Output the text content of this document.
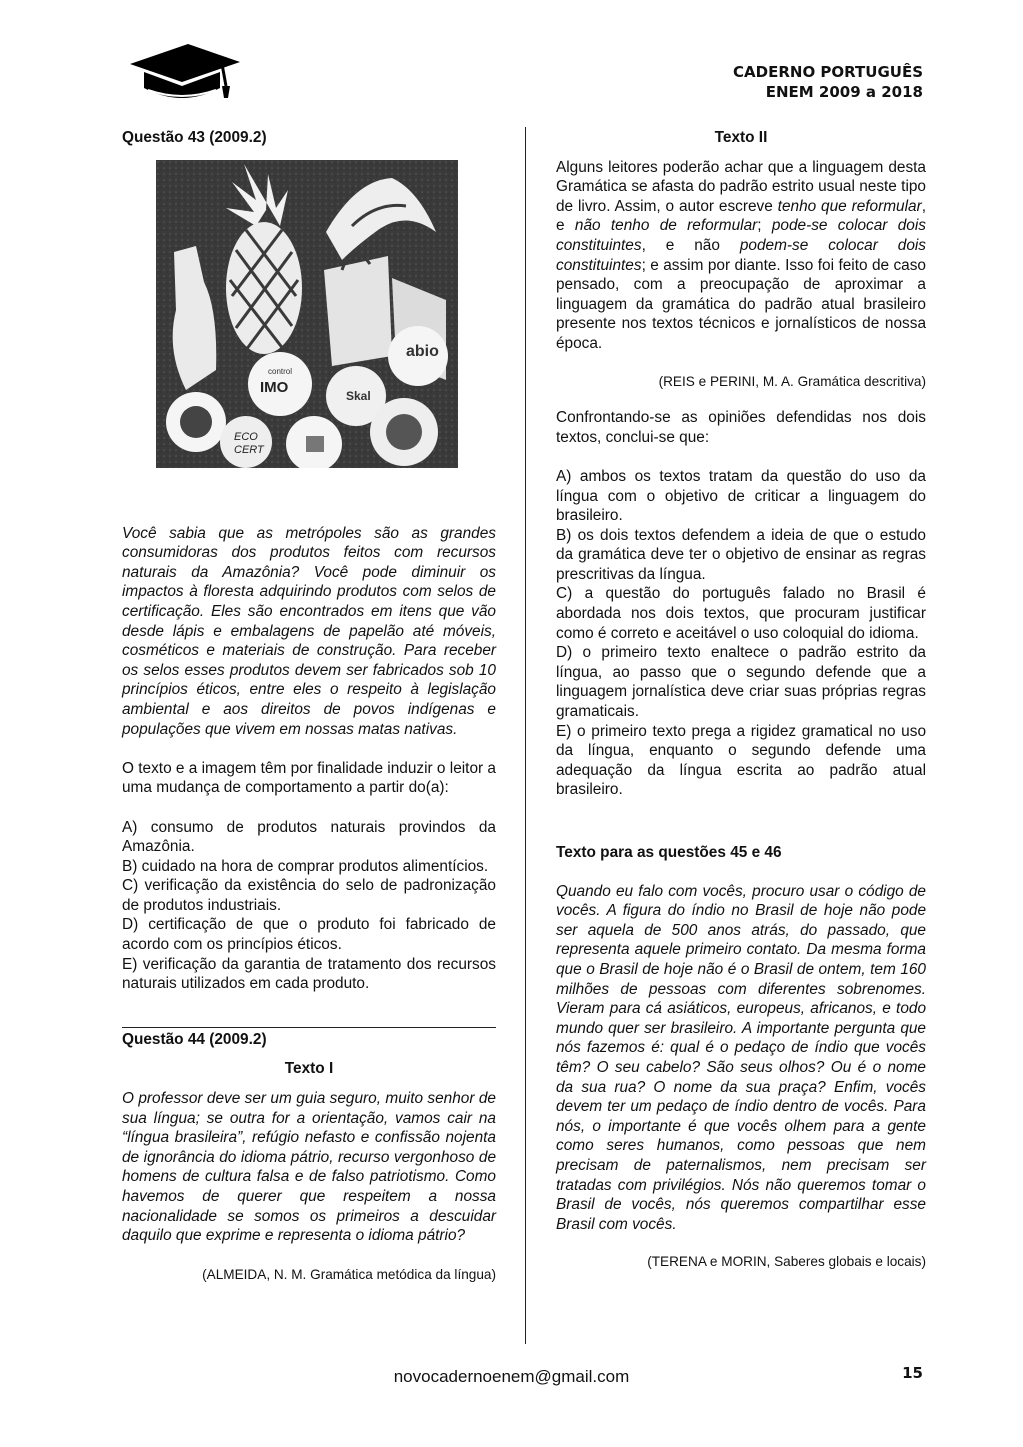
CADERNO PORTUGUÊS
ENEM 2009 a 2018
Questão 43 (2009.2)
abio
control
IMO	Skal
ECO
CERT

Você sabia que as metrópoles são as grandes consumidoras dos produtos feitos com recursos naturais da Amazônia? Você pode diminuir os impactos à floresta adquirindo produtos com selos de certificação. Eles são encontrados em itens que vão desde lápis e embalagens de papelão até móveis, cosméticos e materiais de construção. Para receber os selos esses produtos devem ser fabricados sob 10 princípios éticos, entre eles o respeito à legislação ambiental e aos direitos de povos indígenas e populações que vivem em nossas matas nativas.

O texto e a imagem têm por finalidade induzir o leitor a uma mudança de comportamento a partir do(a):

A) consumo de produtos naturais provindos da Amazônia.

B) cuidado na hora de comprar produtos alimentícios.

C) verificação da existência do selo de padronização de produtos industriais.

D) certificação de que o produto foi fabricado de acordo com os princípios éticos.

E) verificação da garantia de tratamento dos recursos naturais utilizados em cada produto.

Questão 44 (2009.2)
Texto I

O professor deve ser um guia seguro, muito senhor de sua língua; se outra for a orientação, vamos cair na “língua brasileira”, refúgio nefasto e confissão nojenta de ignorância do idioma pátrio, recurso vergonhoso de homens de cultura falsa e de falso patriotismo. Como havemos de querer que respeitem a nossa nacionalidade se somos os primeiros a descuidar daquilo que exprime e representa o idioma pátrio?

(ALMEIDA, N. M. Gramática metódica da língua)
Texto II

Alguns leitores poderão achar que a linguagem desta Gramática se afasta do padrão estrito usual neste tipo de livro. Assim, o autor escreve tenho que reformular, e não tenho de reformular; pode-se colocar dois constituintes, e não podem-se colocar dois constituintes; e assim por diante. Isso foi feito de caso pensado, com a preocupação de aproximar a linguagem da gramática do padrão atual brasileiro presente nos textos técnicos e jornalísticos de nossa época.

(REIS e PERINI, M. A. Gramática descritiva)

Confrontando-se as opiniões defendidas nos dois textos, conclui-se que:

A) ambos os textos tratam da questão do uso da língua com o objetivo de criticar a linguagem do brasileiro.

B) os dois textos defendem a ideia de que o estudo da gramática deve ter o objetivo de ensinar as regras prescritivas da língua.

C) a questão do português falado no Brasil é abordada nos dois textos, que procuram justificar como é correto e aceitável o uso coloquial do idioma.

D) o primeiro texto enaltece o padrão estrito da língua, ao passo que o segundo defende que a linguagem jornalística deve criar suas próprias regras gramaticais.

E) o primeiro texto prega a rigidez gramatical no uso da língua, enquanto o segundo defende uma adequação da língua escrita ao padrão atual brasileiro.

Texto para as questões 45 e 46

Quando eu falo com vocês, procuro usar o código de vocês. A figura do índio no Brasil de hoje não pode ser aquela de 500 anos atrás, do passado, que representa aquele primeiro contato. Da mesma forma que o Brasil de hoje não é o Brasil de ontem, tem 160 milhões de pessoas com diferentes sobrenomes. Vieram para cá asiáticos, europeus, africanos, e todo mundo quer ser brasileiro. A importante pergunta que nós fazemos é: qual é o pedaço de índio que vocês têm? O seu cabelo? São seus olhos? Ou é o nome da sua rua? O nome da sua praça? Enfim, vocês devem ter um pedaço de índio dentro de vocês. Para nós, o importante é que vocês olhem para a gente como seres humanos, como pessoas que nem precisam de paternalismos, nem precisam ser tratadas com privilégios. Nós não queremos tomar o Brasil de vocês, nós queremos compartilhar esse Brasil com vocês.

(TERENA e MORIN, Saberes globais e locais)
novocadernoenem@gmail.com	15
